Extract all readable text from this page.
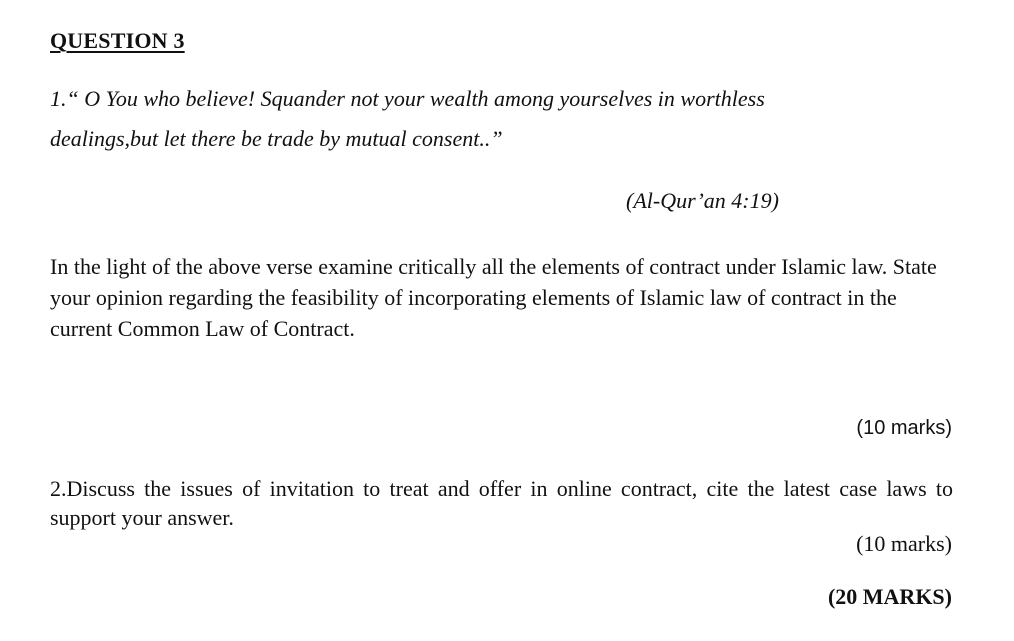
QUESTION 3
1.“ O You who believe! Squander not your wealth among yourselves in worthless
dealings,but let there be trade by mutual consent..”
(Al-Qur’an 4:19)
In the light of the above verse examine critically all the elements of contract under Islamic law. State your opinion regarding the feasibility of incorporating elements of Islamic law of contract in the current Common Law of Contract.
(10 marks)
2.Discuss the issues of invitation to treat and offer in online contract, cite the latest case laws to support your answer.
(10 marks)
(20 MARKS)
